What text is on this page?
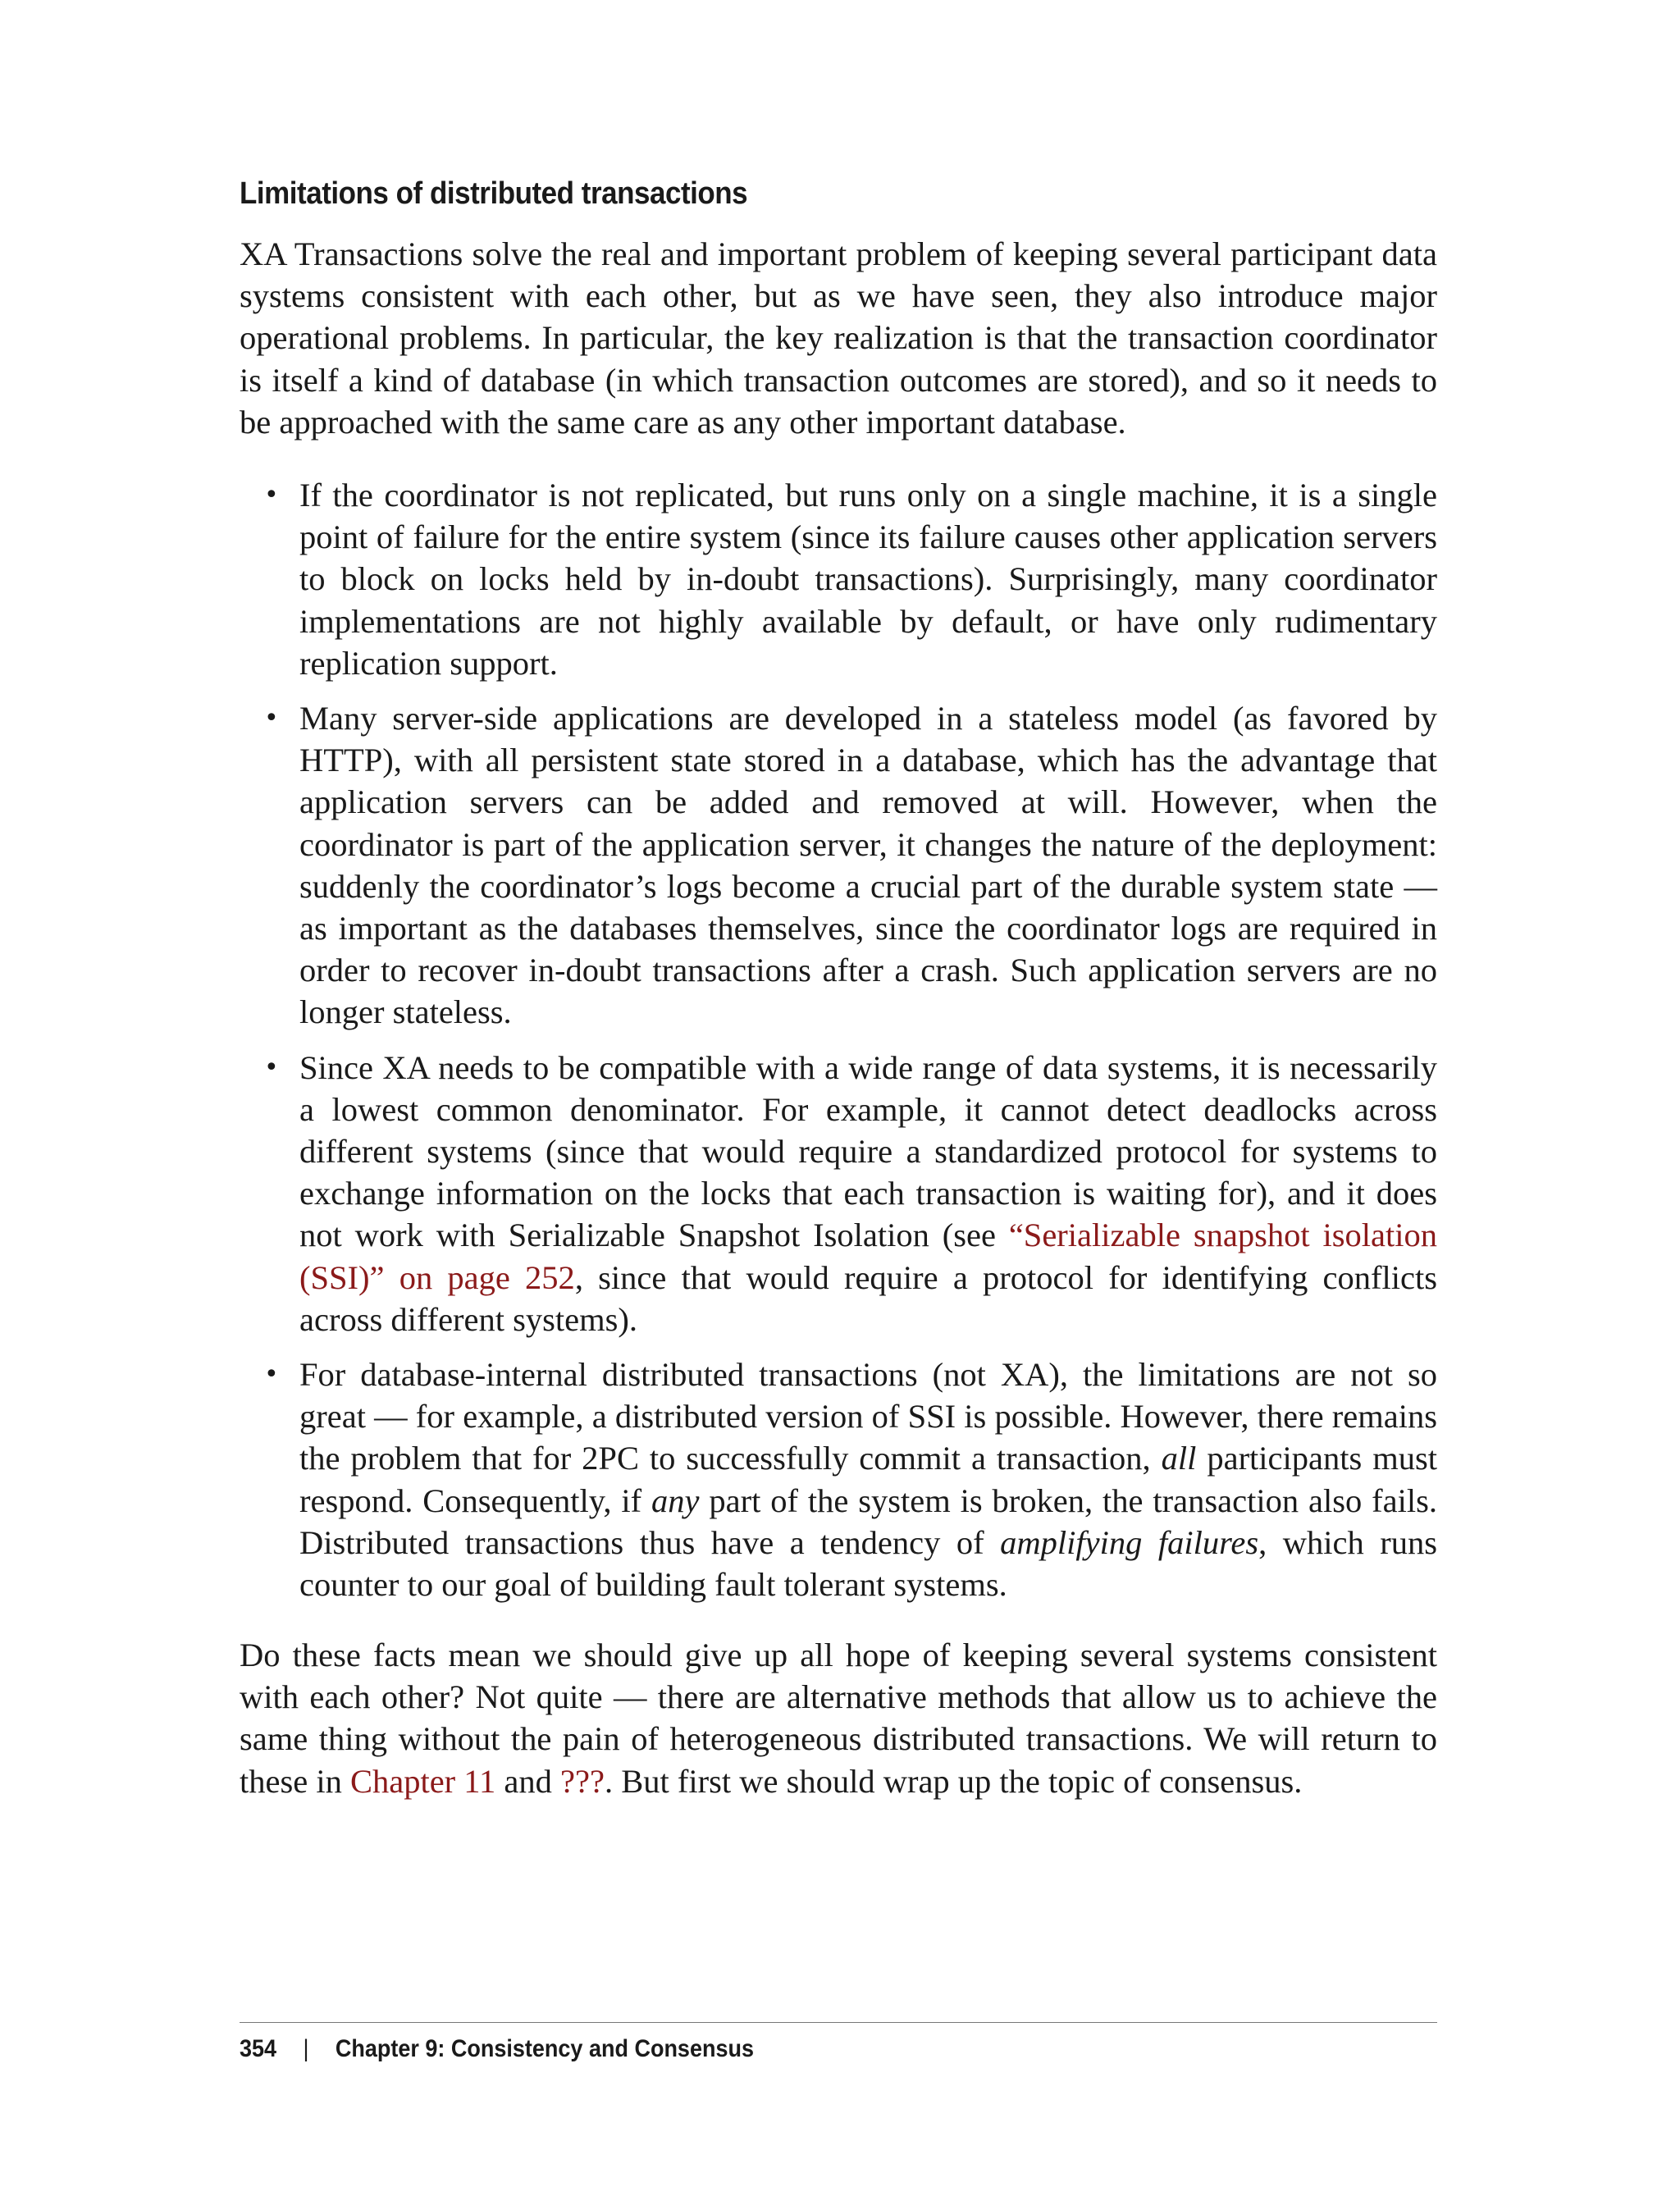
Limitations of distributed transactions

XA Transactions solve the real and important problem of keeping several participant data systems consistent with each other, but as we have seen, they also introduce major operational problems. In particular, the key realization is that the transaction coordinator is itself a kind of database (in which transaction outcomes are stored), and so it needs to be approached with the same care as any other important database.

• If the coordinator is not replicated, but runs only on a single machine, it is a single point of failure for the entire system (since its failure causes other application servers to block on locks held by in-doubt transactions). Surprisingly, many coordinator implementations are not highly available by default, or have only rudimentary replication support.
• Many server-side applications are developed in a stateless model (as favored by HTTP), with all persistent state stored in a database, which has the advantage that application servers can be added and removed at will. However, when the coordinator is part of the application server, it changes the nature of the deployment: suddenly the coordinator’s logs become a crucial part of the durable system state — as important as the databases themselves, since the coordinator logs are required in order to recover in-doubt transactions after a crash. Such application servers are no longer stateless.
• Since XA needs to be compatible with a wide range of data systems, it is necessarily a lowest common denominator. For example, it cannot detect deadlocks across different systems (since that would require a standardized protocol for systems to exchange information on the locks that each transaction is waiting for), and it does not work with Serializable Snapshot Isolation (see “Serializable snapshot isolation (SSI)” on page 252, since that would require a protocol for identifying conflicts across different systems).
• For database-internal distributed transactions (not XA), the limitations are not so great — for example, a distributed version of SSI is possible. However, there remains the problem that for 2PC to successfully commit a transaction, all participants must respond. Consequently, if any part of the system is broken, the transaction also fails. Distributed transactions thus have a tendency of amplifying failures, which runs counter to our goal of building fault tolerant systems.

Do these facts mean we should give up all hope of keeping several systems consistent with each other? Not quite — there are alternative methods that allow us to achieve the same thing without the pain of heterogeneous distributed transactions. We will return to these in Chapter 11 and ???. But first we should wrap up the topic of consensus.

354 | Chapter 9: Consistency and Consensus
